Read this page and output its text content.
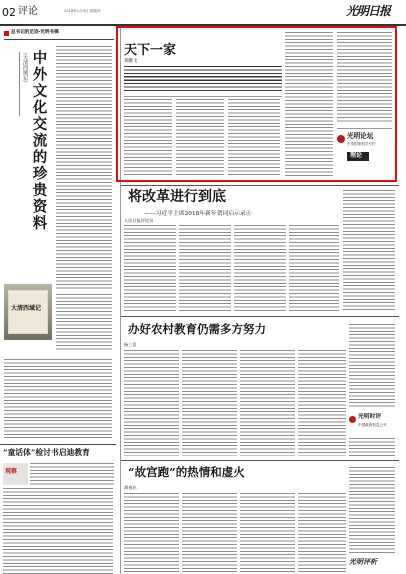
02 评论	2018年1月4日 星期四	光明日报
总书记的足迹·光明书摘
中外文化交流的珍贵资料
《大清西域记》
大清西域记
“童话体”检讨书启迪教育
观察
天下一家
蒋鹏飞
光明论坛
中央国家机关专栏
理论
将改革进行到底
——习近平主席2018年新年贺词启示录④
人民日报评论员
办好农村教育仍需多方努力
杨三喜
光明时评
中国政府信息公开
“故宫跑”的热情和虚火
胡春光
光明评析
